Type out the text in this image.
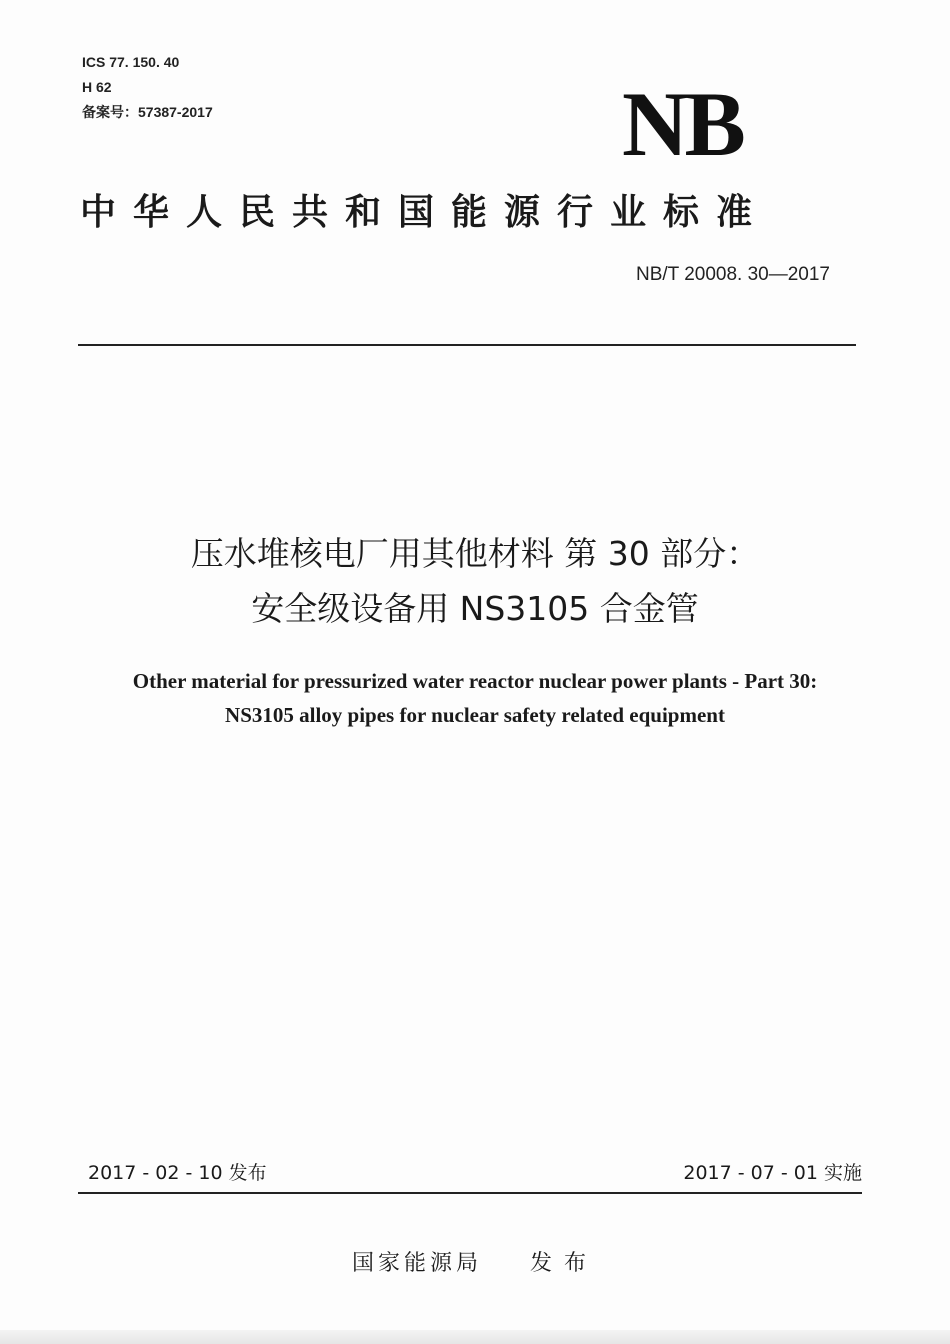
ICS 77. 150. 40
H 62
备案号：57387-2017	NB
中华人民共和国能源行业标准
NB/T 20008. 30—2017
压水堆核电厂用其他材料 第 30 部分：
安全级设备用 NS3105 合金管
Other material for pressurized water reactor nuclear power plants - Part 30:
NS3105 alloy pipes for nuclear safety related equipment
2017 - 02 - 10 发布	2017 - 07 - 01 实施
国家能源局 发布
